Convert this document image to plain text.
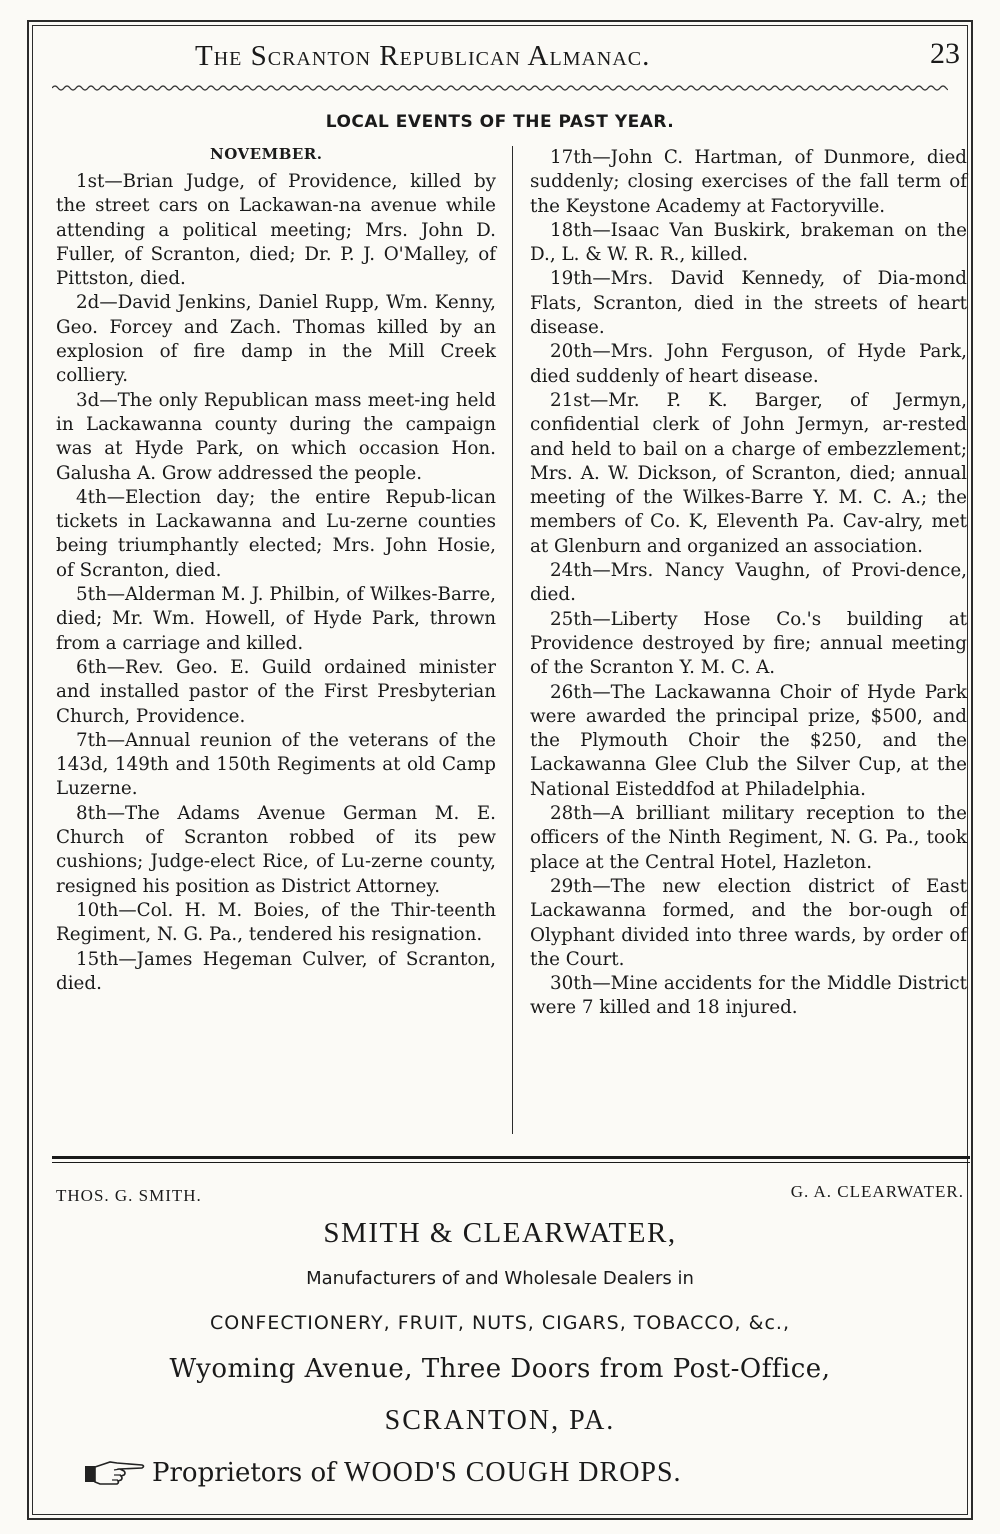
The Scranton Republican Almanac.	23
LOCAL EVENTS OF THE PAST YEAR.
NOVEMBER.

1st—Brian Judge, of Providence, killed by the street cars on Lackawan-na avenue while attending a political meeting; Mrs. John D. Fuller, of Scranton, died; Dr. P. J. O'Malley, of Pittston, died.

2d—David Jenkins, Daniel Rupp, Wm. Kenny, Geo. Forcey and Zach. Thomas killed by an explosion of fire damp in the Mill Creek colliery.

3d—The only Republican mass meet-ing held in Lackawanna county during the campaign was at Hyde Park, on which occasion Hon. Galusha A. Grow addressed the people.

4th—Election day; the entire Repub-lican tickets in Lackawanna and Lu-zerne counties being triumphantly elected; Mrs. John Hosie, of Scranton, died.

5th—Alderman M. J. Philbin, of Wilkes-Barre, died; Mr. Wm. Howell, of Hyde Park, thrown from a carriage and killed.

6th—Rev. Geo. E. Guild ordained minister and installed pastor of the First Presbyterian Church, Providence.

7th—Annual reunion of the veterans of the 143d, 149th and 150th Regiments at old Camp Luzerne.

8th—The Adams Avenue German M. E. Church of Scranton robbed of its pew cushions; Judge-elect Rice, of Lu-zerne county, resigned his position as District Attorney.

10th—Col. H. M. Boies, of the Thir-teenth Regiment, N. G. Pa., tendered his resignation.

15th—James Hegeman Culver, of Scranton, died.

17th—John C. Hartman, of Dunmore, died suddenly; closing exercises of the fall term of the Keystone Academy at Factoryville.

18th—Isaac Van Buskirk, brakeman on the D., L. & W. R. R., killed.

19th—Mrs. David Kennedy, of Dia-mond Flats, Scranton, died in the streets of heart disease.

20th—Mrs. John Ferguson, of Hyde Park, died suddenly of heart disease.

21st—Mr. P. K. Barger, of Jermyn, confidential clerk of John Jermyn, ar-rested and held to bail on a charge of embezzlement; Mrs. A. W. Dickson, of Scranton, died; annual meeting of the Wilkes-Barre Y. M. C. A.; the members of Co. K, Eleventh Pa. Cav-alry, met at Glenburn and organized an association.

24th—Mrs. Nancy Vaughn, of Provi-dence, died.

25th—Liberty Hose Co.'s building at Providence destroyed by fire; annual meeting of the Scranton Y. M. C. A.

26th—The Lackawanna Choir of Hyde Park were awarded the principal prize, $500, and the Plymouth Choir the $250, and the Lackawanna Glee Club the Silver Cup, at the National Eisteddfod at Philadelphia.

28th—A brilliant military reception to the officers of the Ninth Regiment, N. G. Pa., took place at the Central Hotel, Hazleton.

29th—The new election district of East Lackawanna formed, and the bor-ough of Olyphant divided into three wards, by order of the Court.

30th—Mine accidents for the Middle District were 7 killed and 18 injured.

THOS. G. SMITH.	G. A. CLEARWATER.
SMITH & CLEARWATER,
Manufacturers of and Wholesale Dealers in
CONFECTIONERY, FRUIT, NUTS, CIGARS, TOBACCO, &c.,
Wyoming Avenue, Three Doors from Post-Office,
SCRANTON, PA.
Proprietors of WOOD'S COUGH DROPS.
